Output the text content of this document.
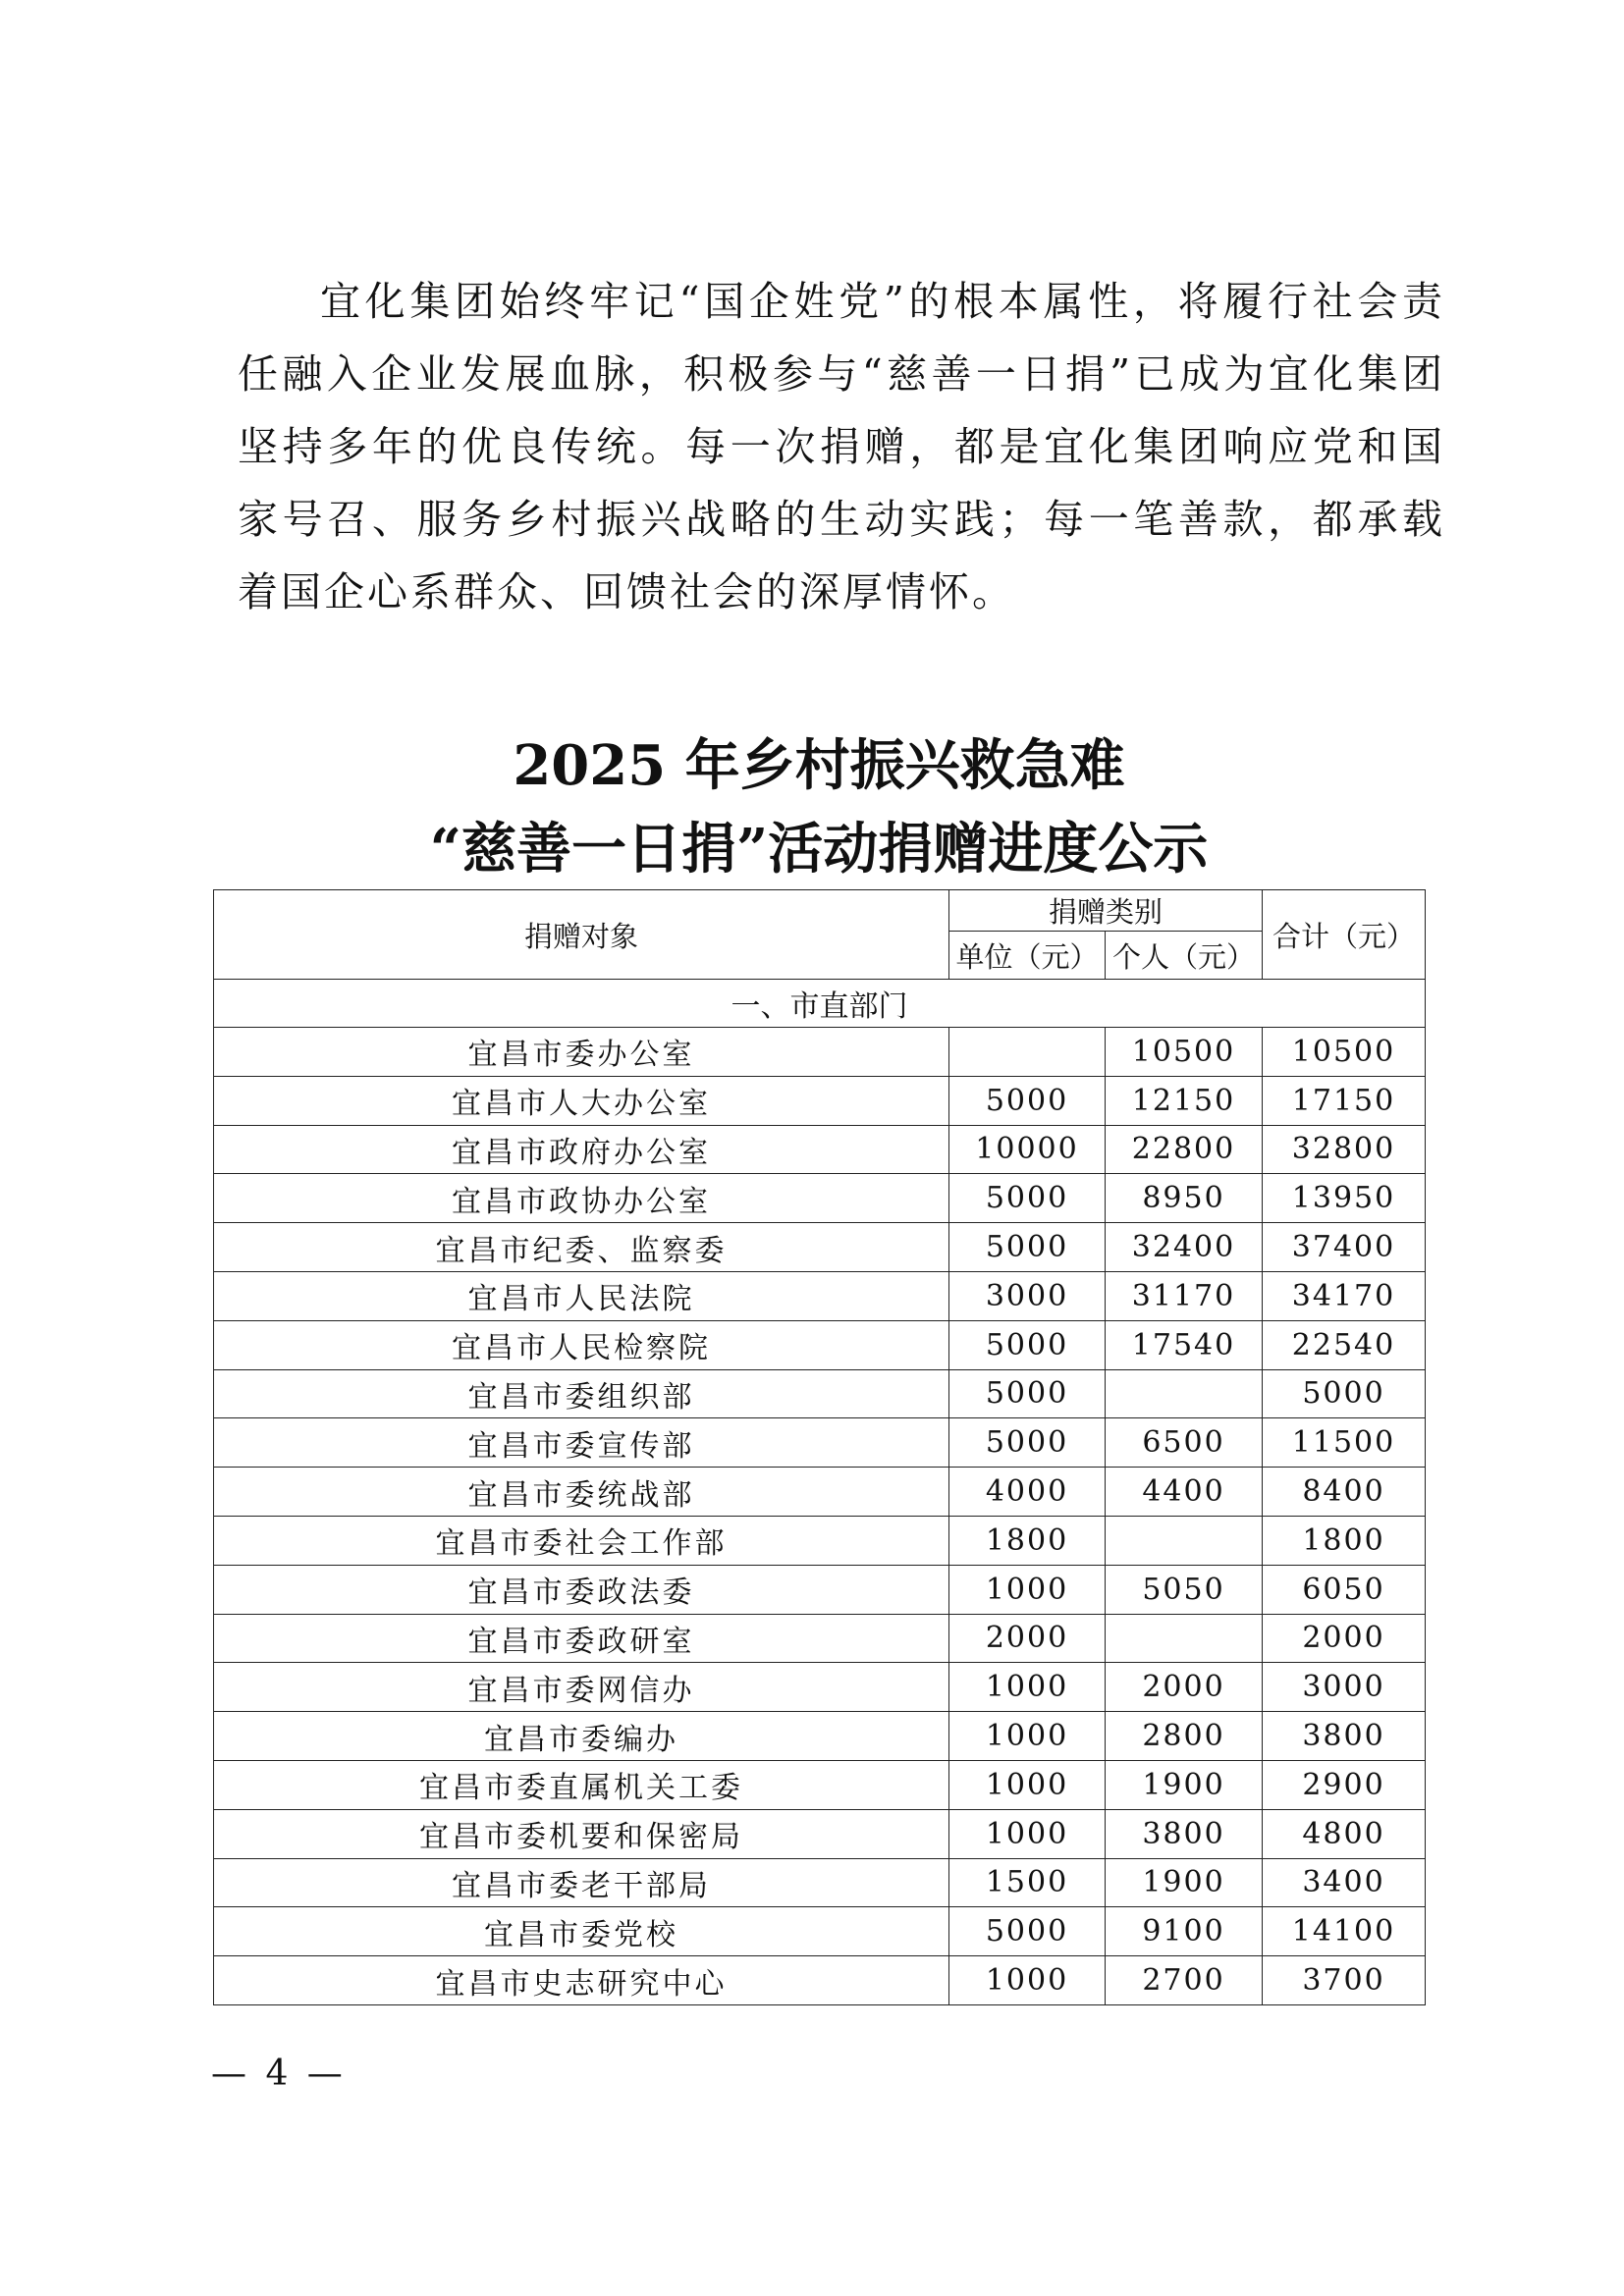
宜化集团始终牢记“国企姓党”的根本属性，将履行社会责任融入企业发展血脉，积极参与“慈善一日捐”已成为宜化集团坚持多年的优良传统。每一次捐赠，都是宜化集团响应党和国家号召、服务乡村振兴战略的生动实践；每一笔善款，都承载着国企心系群众、回馈社会的深厚情怀。

2025 年乡村振兴救急难
“慈善一日捐”活动捐赠进度公示
捐赠对象	捐赠类别		合计（元）
	单位（元）	个人（元）	
一、市直部门			
宜昌市委办公室		10500	10500
宜昌市人大办公室	5000	12150	17150
宜昌市政府办公室	10000	22800	32800
宜昌市政协办公室	5000	8950	13950
宜昌市纪委、监察委	5000	32400	37400
宜昌市人民法院	3000	31170	34170
宜昌市人民检察院	5000	17540	22540
宜昌市委组织部	5000		5000
宜昌市委宣传部	5000	6500	11500
宜昌市委统战部	4000	4400	8400
宜昌市委社会工作部	1800		1800
宜昌市委政法委	1000	5050	6050
宜昌市委政研室	2000		2000
宜昌市委网信办	1000	2000	3000
宜昌市委编办	1000	2800	3800
宜昌市委直属机关工委	1000	1900	2900
宜昌市委机要和保密局	1000	3800	4800
宜昌市委老干部局	1500	1900	3400
宜昌市委党校	5000	9100	14100
宜昌市史志研究中心	1000	2700	3700
— 4 —
